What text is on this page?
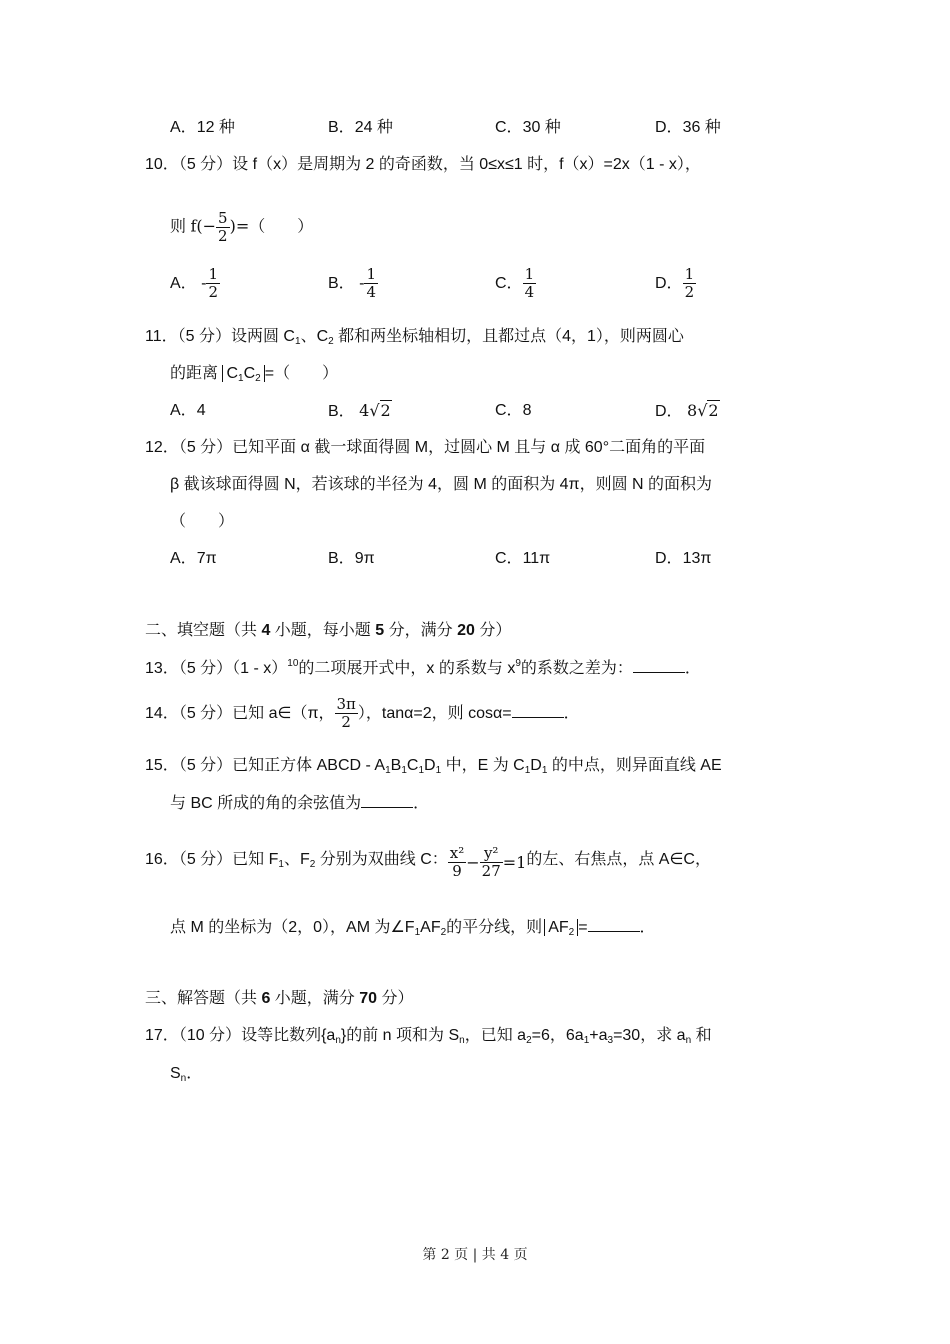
A．12 种	B．24 种	C．30 种	D．36 种
10．（5 分）设 f（x）是周期为 2 的奇函数，当 0≤x≤1 时，f（x）=2x（1 - x），
则 $f(- \frac{5}{2}$ )=（　　）
A． - $\frac{1}{2}$	B． - $\frac{1}{4}$	C． $\frac{1}{4}$	D． $\frac{1}{2}$
11．（5 分）设两圆 $C_1$、$C_2$ 都和两坐标轴相切，且都过点（4，1），则两圆心
的距离 $C_1C_2$ =（　　）
A．4	B． 4√2	C．8	D． 8√2
12．（5 分）已知平面 α 截一球面得圆 M，过圆心 M 且与 α 成 60°二面角的平面
β 截该球面得圆 N，若该球的半径为 4，圆 M 的面积为 4π，则圆 N 的面积为
（　　）
A．7π	B．9π	C．11π	D．13π
二、填空题（共 4 小题，每小题 5 分，满分 20 分）
13．（5 分）（1 - x）$^{10}$的二项展开式中，x 的系数与 $x^9$的系数之差为：	．
14．（5 分）已知 a∈（π， $\frac{3\pi}{2}$ ），tanα=2，则 cosα=	．
15．（5 分）已知正方体 ABCD - $A_1B_1C_1D_1$ 中，E 为 $C_1D_1$ 的中点，则异面直线 AE
与 BC 所成的角的余弦值为	．
16．（5 分）已知 $F_1$、$F_2$ 分别为双曲线 C： $\frac{\text{x²}}{9} - \frac{\text{y²}}{27} =1$的左、右焦点，点 A∈C，
点 M 的坐标为（2，0），AM 为$\angle F_1AF_2$的平分线，则 $AF_2$ =	．
三、解答题（共 6 小题，满分 70 分）
17．（10 分）设等比数列$\{a_n\}$的前 n 项和为 $S_n$，已知 $a_2=6$，$6a_1+a_3=30$，求 $a_n$ 和
$S_n$．
第 2 页 | 共 4 页
